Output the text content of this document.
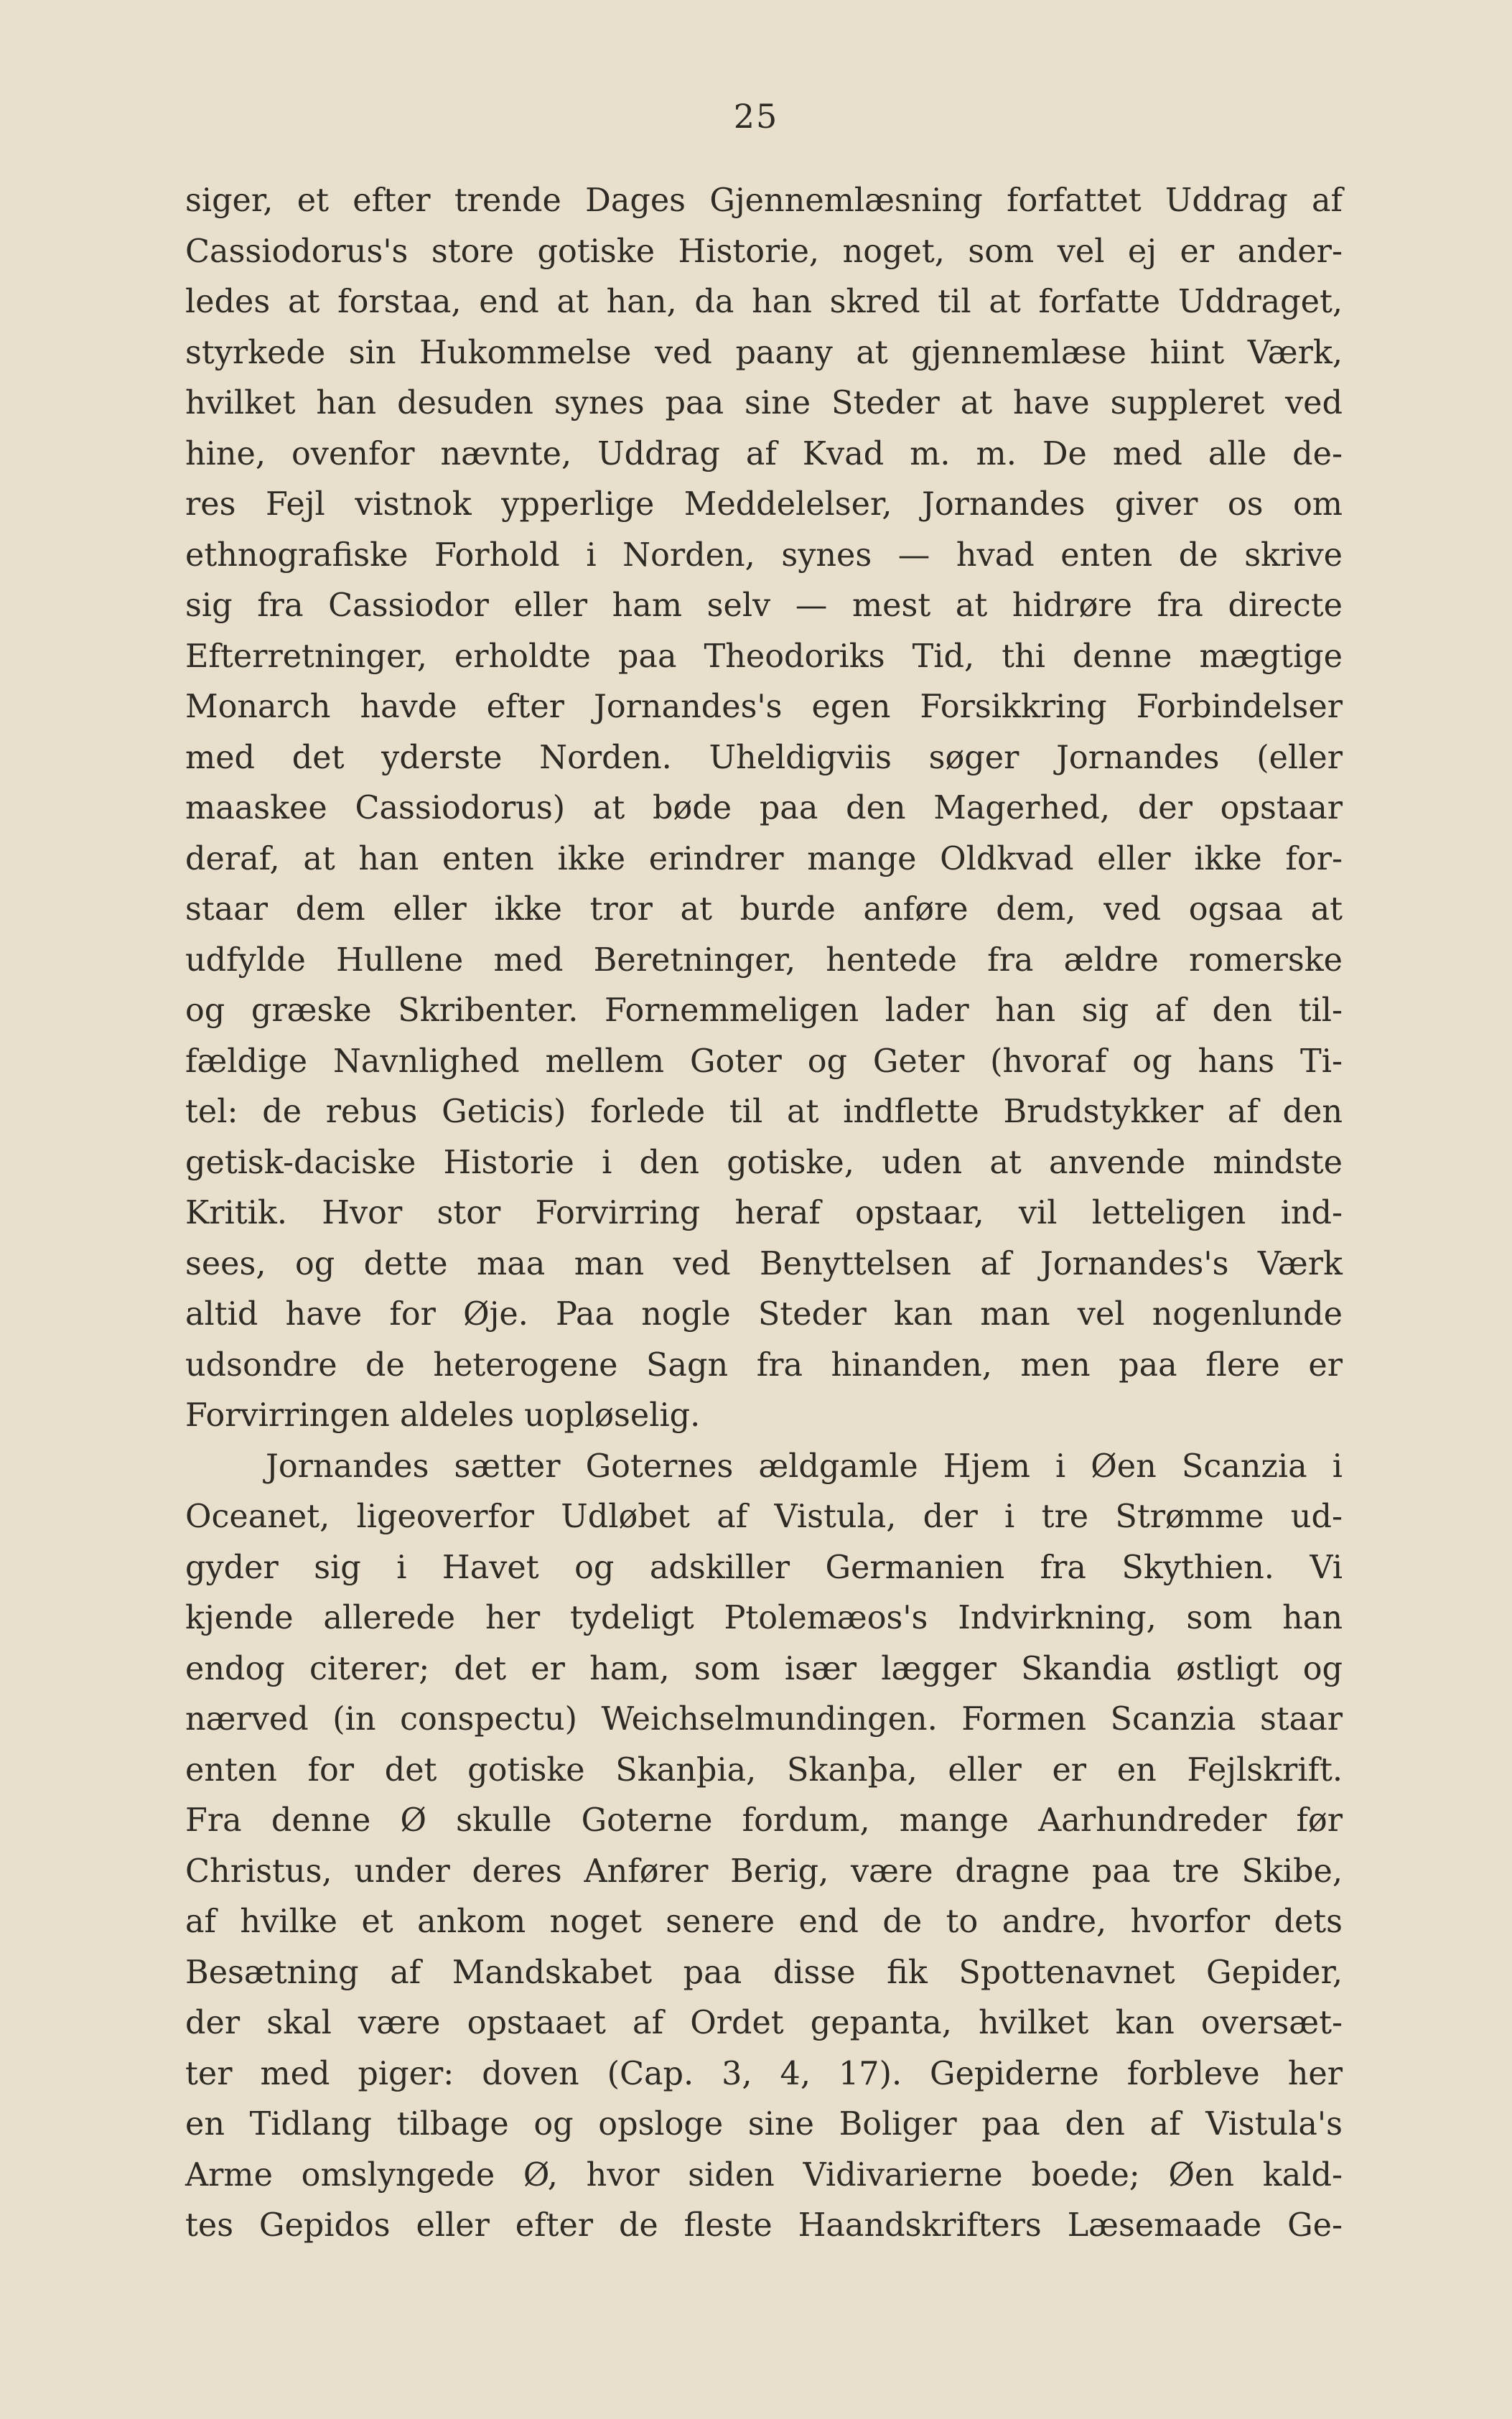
25

siger, et efter trende Dages Gjennemlæsning forfattet Uddrag af

Cassiodorus's store gotiske Historie, noget, som vel ej er ander-

ledes at forstaa, end at han, da han skred til at forfatte Uddraget,

styrkede sin Hukommelse ved paany at gjennemlæse hiint Værk,

hvilket han desuden synes paa sine Steder at have suppleret ved

hine, ovenfor nævnte, Uddrag af Kvad m. m. De med alle de-

res Fejl vistnok ypperlige Meddelelser, Jornandes giver os om

ethnografiske Forhold i Norden, synes — hvad enten de skrive

sig fra Cassiodor eller ham selv — mest at hidrøre fra directe

Efterretninger, erholdte paa Theodoriks Tid, thi denne mægtige

Monarch havde efter Jornandes's egen Forsikkring Forbindelser

med det yderste Norden. Uheldigviis søger Jornandes (eller

maaskee Cassiodorus) at bøde paa den Magerhed, der opstaar

deraf, at han enten ikke erindrer mange Oldkvad eller ikke for-

staar dem eller ikke tror at burde anføre dem, ved ogsaa at

udfylde Hullene med Beretninger, hentede fra ældre romerske

og græske Skribenter. Fornemmeligen lader han sig af den til-

fældige Navnlighed mellem Goter og Geter (hvoraf og hans Ti-

tel: de rebus Geticis) forlede til at indflette Brudstykker af den

getisk-daciske Historie i den gotiske, uden at anvende mindste

Kritik. Hvor stor Forvirring heraf opstaar, vil letteligen ind-

sees, og dette maa man ved Benyttelsen af Jornandes's Værk

altid have for Øje. Paa nogle Steder kan man vel nogenlunde

udsondre de heterogene Sagn fra hinanden, men paa flere er

Forvirringen aldeles uopløselig.

Jornandes sætter Goternes ældgamle Hjem i Øen Scanzia i

Oceanet, ligeoverfor Udløbet af Vistula, der i tre Strømme ud-

gyder sig i Havet og adskiller Germanien fra Skythien. Vi

kjende allerede her tydeligt Ptolemæos's Indvirkning, som han

endog citerer; det er ham, som især lægger Skandia østligt og

nærved (in conspectu) Weichselmundingen. Formen Scanzia staar

enten for det gotiske Skanþia, Skanþa, eller er en Fejlskrift.

Fra denne Ø skulle Goterne fordum, mange Aarhundreder før

Christus, under deres Anfører Berig, være dragne paa tre Skibe,

af hvilke et ankom noget senere end de to andre, hvorfor dets

Besætning af Mandskabet paa disse fik Spottenavnet Gepider,

der skal være opstaaet af Ordet gepanta, hvilket kan oversæt-

ter med piger: doven (Cap. 3, 4, 17). Gepiderne forbleve her

en Tidlang tilbage og opsloge sine Boliger paa den af Vistula's

Arme omslyngede Ø, hvor siden Vidivarierne boede; Øen kald-

tes Gepidos eller efter de fleste Haandskrifters Læsemaade Ge-
